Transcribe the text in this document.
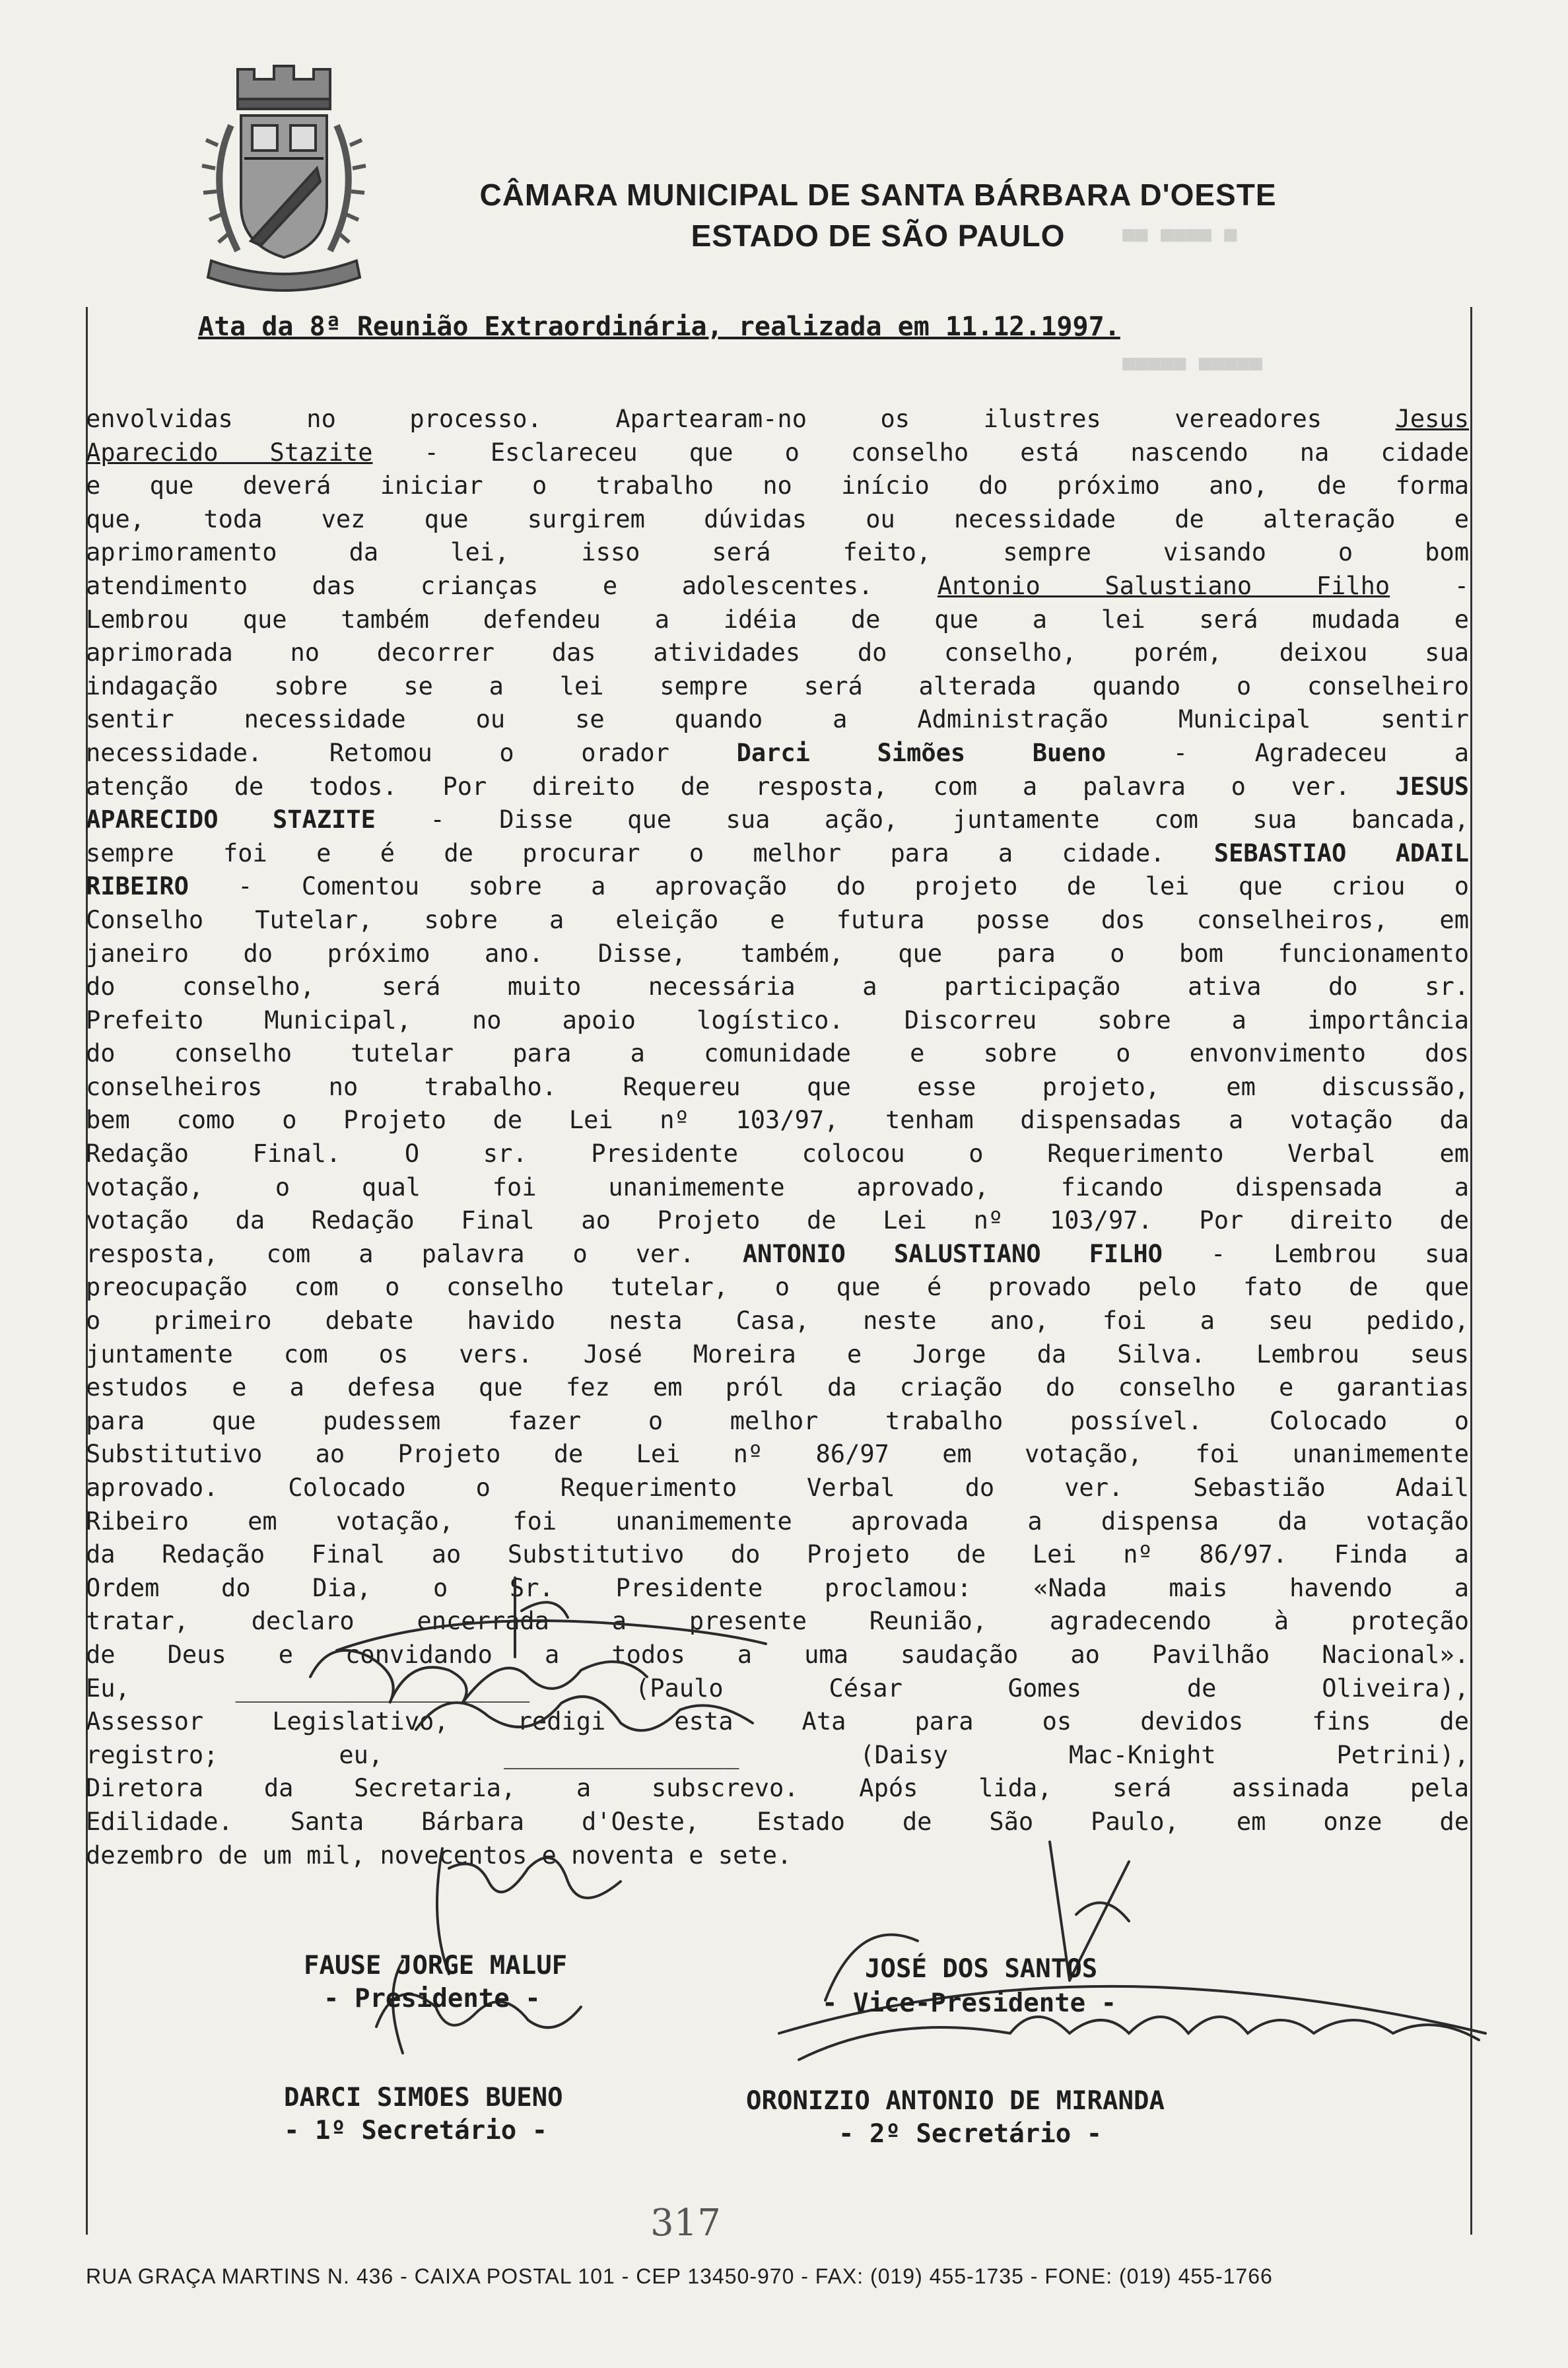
CÂMARA MUNICIPAL DE SANTA BÁRBARA D'OESTE
ESTADO DE SÃO PAULO	■ ■■■■ ■■
■■■■■ ■■■■■
Ata da 8ª Reunião Extraordinária, realizada em 11.12.1997.
envolvidas no processo. Apartearam-no os ilustres vereadores	Jesus
Aparecido Stazite - Esclareceu que o conselho está nascendo na cidade
e que deverá iniciar o trabalho no início do próximo ano, de forma
que, toda vez que surgirem dúvidas ou necessidade de alteração e
aprimoramento da lei, isso será feito, sempre visando o bom
atendimento das crianças e adolescentes.	Antonio Salustiano Filho -
Lembrou que também defendeu a idéia de que a lei será mudada e
aprimorada no decorrer das atividades do conselho, porém, deixou sua
indagação sobre se a lei sempre será alterada quando o conselheiro
sentir necessidade ou se quando a Administração Municipal sentir
necessidade. Retomou o orador	Darci Simões Bueno - Agradeceu a
atenção de todos. Por direito de resposta, com a palavra o ver. JESUS
APARECIDO STAZITE - Disse que sua ação, juntamente com sua bancada,
sempre foi e é de procurar o melhor para a cidade. SEBASTIAO ADAIL
RIBEIRO - Comentou sobre a aprovação do projeto de lei que criou o
Conselho Tutelar, sobre a eleição e futura posse dos conselheiros, em
janeiro do próximo ano. Disse, também, que para o bom funcionamento
do conselho, será muito necessária a participação ativa do sr.
Prefeito Municipal, no apoio logístico. Discorreu sobre a importância
do conselho tutelar para a comunidade e sobre o envonvimento dos
conselheiros no trabalho. Requereu que esse projeto, em discussão,
bem como o Projeto de Lei nº 103/97, tenham dispensadas a votação da
Redação Final. O sr. Presidente colocou o Requerimento Verbal em
votação, o qual foi unanimemente aprovado, ficando dispensada a
votação da Redação Final ao Projeto de Lei nº 103/97. Por direito de
resposta, com a palavra o ver. ANTONIO SALUSTIANO FILHO - Lembrou sua
preocupação com o conselho tutelar, o que é provado pelo fato de que
o primeiro debate havido nesta Casa, neste ano, foi a seu pedido,
juntamente com os vers. José Moreira e Jorge da Silva. Lembrou seus
estudos e a defesa que fez em pról da criação do conselho e garantias
para que pudessem fazer o melhor trabalho possível. Colocado o
Substitutivo ao Projeto de Lei nº 86/97 em votação, foi unanimemente
aprovado. Colocado o Requerimento Verbal do ver. Sebastião Adail
Ribeiro em votação, foi unanimemente aprovada a dispensa da votação
da Redação Final ao Substitutivo do Projeto de Lei nº 86/97. Finda a
Ordem do Dia, o Sr. Presidente proclamou: «Nada mais havendo a
tratar, declaro encerrada a presente Reunião, agradecendo à proteção
de Deus e convidando a todos a uma saudação ao Pavilhão Nacional».
Eu,	____________________ (Paulo César Gomes de Oliveira),
Assessor Legislativo, redigi esta Ata para os devidos fins de
registro; eu,	________________ (Daisy Mac-Knight Petrini),
Diretora da Secretaria, a subscrevo. Após lida, será assinada pela
Edilidade. Santa Bárbara d'Oeste, Estado de São Paulo, em onze de
dezembro de um mil, novecentos e noventa e sete.
FAUSE JORGE MALUF
- Presidente -
JOSÉ DOS SANTOS
- Vice-Presidente -
DARCI SIMOES BUENO
- 1º Secretário -
ORONIZIO ANTONIO DE MIRANDA
- 2º Secretário -
317
RUA GRAÇA MARTINS N. 436 - CAIXA POSTAL 101 - CEP 13450-970 - FAX: (019) 455-1735 - FONE: (019) 455-1766
